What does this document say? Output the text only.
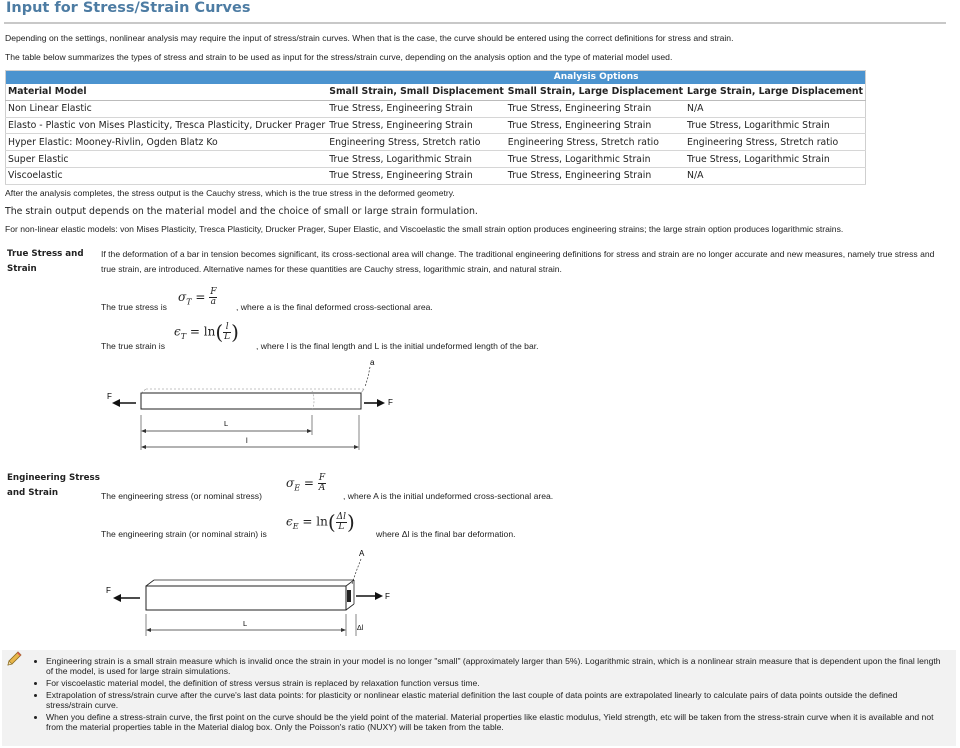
Input for Stress/Strain Curves
Depending on the settings, nonlinear analysis may require the input of stress/strain curves. When that is the case, the curve should be entered using the correct definitions for stress and strain.
The table below summarizes the types of stress and strain to be used as input for the stress/strain curve, depending on the analysis option and the type of material model used.
	Analysis Options		
Material Model	Small Strain, Small Displacement	Small Strain, Large Displacement	Large Strain, Large Displacement
Non Linear Elastic	True Stress, Engineering Strain	True Stress, Engineering Strain	N/A
Elasto - Plastic von Mises Plasticity, Tresca Plasticity, Drucker Prager	True Stress, Engineering Strain	True Stress, Engineering Strain	True Stress, Logarithmic Strain
Hyper Elastic: Mooney-Rivlin, Ogden Blatz Ko	Engineering Stress, Stretch ratio	Engineering Stress, Stretch ratio	Engineering Stress, Stretch ratio
Super Elastic	True Stress, Logarithmic Strain	True Stress, Logarithmic Strain	True Stress, Logarithmic Strain
Viscoelastic	True Stress, Engineering Strain	True Stress, Engineering Strain	N/A
After the analysis completes, the stress output is the Cauchy stress, which is the true stress in the deformed geometry.
The strain output depends on the material model and the choice of small or large strain formulation.
For non-linear elastic models: von Mises Plasticity, Tresca Plasticity, Drucker Prager, Super Elastic, and Viscoelastic the small strain option produces engineering strains; the large strain option produces logarithmic strains.
True Stress and
Strain
If the deformation of a bar in tension becomes significant, its cross-sectional area will change. The traditional engineering definitions for stress and strain are no longer accurate and new measures, namely true stress and true strain, are introduced. Alternative names for these quantities are Cauchy stress, logarithmic strain, and natural strain.
The true stress is
$\sigma_T = \frac{F}{a}$ , where a is the final deformed cross-sectional area.
The true strain is
$\epsilon_T = \ln( \frac{l}{L}$ )
, where l is the final length and L is the initial undeformed length of the bar.
a
F
F
L
l
Engineering Stress
and Strain	The engineering stress (or nominal stress)
$\sigma_E = \frac{F}{A}$
, where A is the initial undeformed cross-sectional area.
The engineering strain (or nominal strain) is
$\epsilon_E = \ln( \frac{\Delta l}{L}$ ) where Δl is the final bar deformation.
A
F
F
L
Δl
• Engineering strain is a small strain measure which is invalid once the strain in your model is no longer "small" (approximately larger than 5%). Logarithmic strain, which is a nonlinear strain measure that is dependent upon the final length of the model, is used for large strain simulations.
• For viscoelastic material model, the definition of stress versus strain is replaced by relaxation function versus time.
• Extrapolation of stress/strain curve after the curve's last data points: for plasticity or nonlinear elastic material definition the last couple of data points are extrapolated linearly to calculate pairs of data points outside the defined stress/strain curve.
• When you define a stress-strain curve, the first point on the curve should be the yield point of the material. Material properties like elastic modulus, Yield strength, etc will be taken from the stress-strain curve when it is available and not from the material properties table in the Material dialog box. Only the Poisson's ratio (NUXY) will be taken from the table.
